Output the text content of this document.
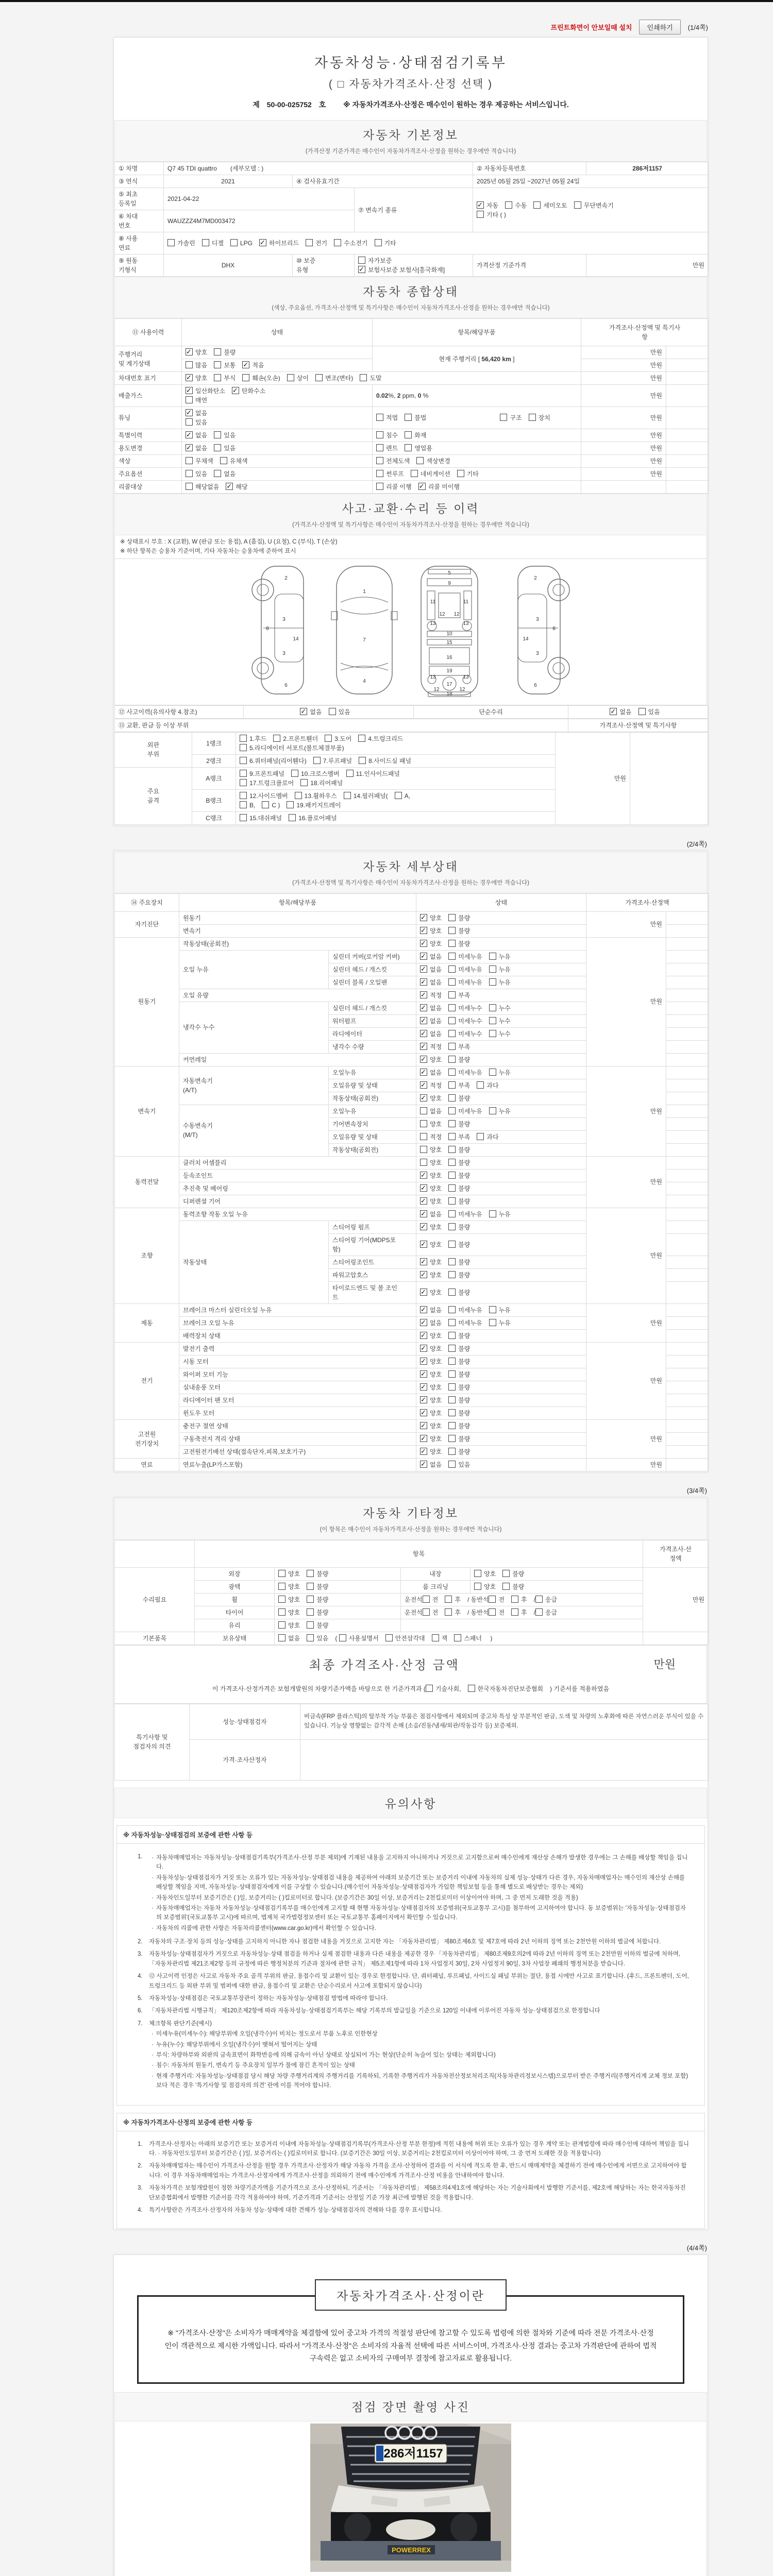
프린트화면이 안보일때 설치	인쇄하기	(1/4쪽)
자동차성능·상태점검기록부
( □ 자동차가격조사·산정 선택 )
제 50-00-025752 호 ※ 자동차가격조사·산정은 매수인이 원하는 경우 제공하는 서비스입니다.
자동차 기본정보
(가격산정 기준가격은 매수인이 자동차가격조사·산정을 원하는 경우에만 적습니다)
① 차명	Q7 45 TDI quattro (세부모델 : )			② 자동차등록번호	286저1157
③ 연식	2021	④ 검사유효기간		2025년 05월 25일 ~2027년 05월 24일	
⑤ 최초
등록일	2021-04-22		⑦ 변속기 종류	✓자동 수동 세미오토 무단변속기
기타 ( )
⑥ 차대
번호	WAUZZZ4M7MD003472				
⑧ 사용
연료	가솔린 디젤 LPG ✓ 하이브리드 전기 수소전기 기타
⑨ 원동
기형식	DHX	⑩ 보증
유형	자가보증✓보험사보증 보험사[흥국화재]	가격산정 기준가격	만원
자동차 종합상태
(색상, 주요옵션, 가격조사·산정액 및 특기사항은 매수인이 자동차가격조사·산정을 원하는 경우에만 적습니다)
⑪ 사용이력	상태	항목/해당부품	가격조사·산정액 및 특기사
항	
주행거리
및 계기상태	✓양호 불량	현재 주행거리 [ 56,420 km ]	만원	
	많음 보통 ✓ 적음		만원	
차대번호 표기	✓양호 부식 훼손(오손) 상이 변조(변타) 도말		만원	
배출가스	✓일산화탄소 ✓ 탄화수소
매연	0.02%, 2 ppm, 0 %	만원	
튜닝	✓없음
있음	적법 불법 구조 장치	만원	
특별이력	✓없음 있음	침수 화재	만원	
용도변경	✓없음 있음	렌트 영업용	만원	
색상	무채색 유채색	전체도색 색상변경	만원	
주요옵션	있음 없음	썬루프 네비게이션 기타	만원	
리콜대상	해당없음 ✓ 해당	리콜 이행 ✓ 리콜 미이행		
사고·교환·수리 등 이력
(가격조사·산정액 및 특기사항은 매수인이 자동차가격조사·산정을 원하는 경우에만 적습니다)
※ 상태표시 부호 : X (교환), W (판금 또는 용접), A (흠집), U (요철), C (부식), T (손상)
※ 하단 항목은 승용차 기준이며, 기타 자동차는 승용차에 준하여 표시
2
3
8
14
3
6
1
7
4
5
9
11	11
12 12
13	13
10
15
16
19
13	13
17
12	12
18
2
3
8
14
3
6
⑫ 사고이력(유의사항 4.참조)	✓없음	있음	단순수리	✓없음	있음
⑬ 교환, 판금 등 이상 부위	가격조사·산정액 및 특기사항
외판
부위	1랭크	1.후드 2.프론트휀더 3.도어 4.트렁크리드
5.라디에이터 서포트(볼트체결부품)	만원	
	2랭크	6.쿼터패널(리어휀다) 7.루프패널 8.사이드실 패널		
주요
골격	A랭크	9.프론트패널 10.크로스멤버 11.인사이드패널
17.트렁크플로어 18.리어패널		
	B랭크	12.사이드멤버 13.휠하우스 14.필러패널( A,
B, C ) 19.패키지트레이		
	C랭크	15.대쉬패널 16.플로어패널		
(2/4쪽)
자동차 세부상태
(가격조사·산정액 및 특기사항은 매수인이 자동차가격조사·산정을 원하는 경우에만 적습니다)
⑭ 주요장치	항목/해당부품		상태	가격조사·산정액	
자기진단	원동기	✓양호 불량	만원	
	변속기	✓양호 불량	
원동기	작동상태(공회전)	✓양호 불량	만원	
	오일 누유	실린더 커버(로커암 커버)	✓없음 미세누유 누유	
		실린더 헤드 / 개스킷	✓없음 미세누유 누유	
		실린더 블록 / 오일팬	✓없음 미세누유 누유	
	오일 유량	✓적정 부족	
	냉각수 누수	실린더 헤드 / 개스킷	✓없음 미세누수 누수	
		워터펌프	✓없음 미세누수 누수	
		라디에이터	✓없음 미세누수 누수	
		냉각수 수량	✓적정 부족	
	커먼레일	✓양호 불량	
변속기	자동변속기
(A/T)	오일누유	✓없음 미세누유 누유	만원	
		오일유량 및 상태	✓적정 부족 과다	
		작동상태(공회전)	✓양호 불량	
	수동변속기
(M/T)	오일누유	없음 미세누유 누유		
		기어변속장치	양호 불량		
		오일유량 및 상태	적정 부족 과다		
		작동상태(공회전)	양호 불량		
동력전달	클러치 어셈블리		양호 불량	만원	
	등속조인트	✓양호 불량	
	추진축 및 베어링	✓양호 불량	
	디퍼렌셜 기어	✓양호 불량	
조향	동력조향 작동 오일 누유	✓없음 미세누유 누유	만원	
	작동상태	스티어링 펌프	✓양호 불량	
		스티어링 기어(MDPS포
함)	✓양호 불량	
		스티어링조인트	✓양호 불량	
		파워고압호스	✓양호 불량	
		타이로드엔드 및 볼 조인
트	✓양호 불량	
제동	브레이크 마스터 실린더오일 누유	✓없음 미세누유 누유	만원	
	브레이크 오일 누유	✓없음 미세누유 누유	
	배력장치 상태	✓양호 불량	
전기	발전기 출력	✓양호 불량	만원	
	시동 모터	✓양호 불량	
	와이퍼 모터 기능	✓양호 불량	
	실내송풍 모터	✓양호 불량	
	라디에이터 팬 모터	✓양호 불량	
	윈도우 모터	✓양호 불량	
고전원
전기장치	충전구 절연 상태	✓양호 불량	만원	
	구동축전지 격리 상태	✓양호 불량	
	고전원전기배선 상태(접속단자,피복,보호기구)	✓양호 불량	
연료	연료누출(LP가스포함)	✓없음 있음	만원	
(3/4쪽)
자동차 기타정보
(이 항목은 매수인이 자동차가격조사·산정을 원하는 경우에만 적습니다)
	항목				가격조사·산
정액
수리필요	외장	양호 불량	내장	양호 불량	만원
	광택	양호 불량	룸 크리닝	양호 불량	
	휠	양호 불량	운전석 전 후 / 동반석 전 후 / 응급		
	타이어	양호 불량	운전석 전 후 / 동반석 전 후 / 응급		
	유리	양호 불량			
기본품목	보유상태	없음 있음 ( 사용설명서 안전삼각대 잭 스패너 )			
최종 가격조사·산정 금액	만원
이 가격조사·산정가격은 보험개발원의 차량기준가액을 바탕으로 한 기준가격과 ( 기술사회,	한국자동차진단보증협회 ) 기준서를 적용하였음
특기사항 및
점검자의 의견	성능·상태점검자	비금속(FRP 플라스틱)의 탈부착 가능 부품은 점검사항에서 제외되며 중고차 특성 상 부분적인 판금, 도색 및 차량의 노후화에 따른 자연스러운 부식이 있을 수 있습니다. 기능상 영향없는 감각적 손해 (소음/진동/냄새/외관/작동감각 등) 보증제외.
	가격·조사산정자	
유의사항
※ 자동차성능·상태점검의 보증에 관한 사항 등
1.	· 자동차매매업자는 자동차성능·상태점검기록부(가격조사·산정 부분 제외)에 기재된 내용을 고지하지 아니하거나 거짓으로 고지함으로써 매수인에게 재산상 손해가 발생한 경우에는 그 손해를 배상할 책임을 집니다.
· 자동차성능·상태점검자가 거짓 또는 오류가 있는 자동차성능·상태점검 내용을 제공하여 아래의 보증기간 또는 보증거리 이내에 자동차의 실제 성능·상태가 다른 경우, 자동차매매업자는 매수인의 재산상 손해를 배상할 책임을 지며, 자동차성능·상태점검자에게 이를 구상할 수 있습니다.(매수인이 자동차성능·상태점검자가 가입한 책임보험 등을 통해 별도로 배상받는 경우는 제외)
· 자동차인도일부터 보증기간은 ( )일, 보증거리는 ( )킬로미터로 합니다. (보증기간은 30일 이상, 보증거리는 2천킬로미터 이상이어야 하며, 그 중 먼저 도래한 것을 적용)
· 자동차매매업자는 자동차 자동차성능·상태점검기록부를 매수인에게 고지할 때 현행 자동차성능·상태점검자의 보증범위(국토교통부 고시)를 첨부하여 고지하여야 합니다. 동 보증범위는 '자동차성능·상태점검자의 보증범위'(국토교통부 고시)에 따르며, 법제처 국가법령정보센터 또는 국토교통부 홈페이지에서 확인할 수 있습니다.
· 자동차의 리콜에 관한 사항은 자동차리콜센터(www.car.go.kr)에서 확인할 수 있습니다.
2.	자동차의 구조·장치 등의 성능·상태를 고지하지 아니한 자나 점검한 내용을 거짓으로 고지한 자는 「자동차관리법」 제80조제6호 및 제7호에 따라 2년 이하의 징역 또는 2천만원 이하의 벌금에 처합니다.
3.	자동차성능·상태점검자가 거짓으로 자동차성능·상태 점검을 하거나 실제 점검한 내용과 다른 내용을 제공한 경우 「자동차관리법」 제80조제9호의2에 따라 2년 이하의 징역 또는 2천만원 이하의 벌금에 처하며, 「자동차관리법 제21조제2항 등의 규정에 따른 행정처분의 기준과 절차에 관한 규칙」 제5조제1항에 따라 1차 사업정지 30일, 2차 사업정지 90일, 3차 사업장 폐쇄의 행정처분을 받습니다.
4.	⑫ 사고이력 인정은 사고로 자동차 주요 골격 부위의 판금, 용접수리 및 교환이 있는 경우로 한정합니다. 단, 쿼터패널, 루프패널, 사이드실 패널 부위는 절단, 용접 시에만 사고로 표기합니다. (후드, 프론트펜더, 도어, 트렁크리드 등 외판 부위 및 범퍼에 대한 판금, 용접수리 및 교환은 단순수리로서 사고에 포함되지 않습니다)
5.	자동차성능·상태점검은 국토교통부장관이 정하는 자동차성능·상태점검 방법에 따라야 합니다.
6.	「자동차관리법 시행규칙」 제120조제2항에 따라 자동차성능·상태점검기록부는 해당 기록부의 발급일을 기준으로 120일 이내에 이루어진 자동차 성능·상태점검으로 한정합니다
7.	체크항목 판단기준(예시)
· 미세누유(미세누수): 해당부위에 오일(냉각수)이 비치는 정도로서 부품 노후로 인한현상
· 누유(누수): 해당부위에서 오일(냉각수)이 맺혀서 떨어지는 상태
· 부식: 차량하부와 외판의 금속표면이 화학반응에 의해 금속이 아닌 상태로 상실되어 가는 현상(단순히 녹슬어 있는 상태는 제외합니다)
· 침수: 자동차의 원동기, 변속기 등 주요장치 일부가 물에 잠긴 흔적이 있는 상태
· 현재 주행거리: 자동차성능·상태점검 당시 해당 차량 주행거리계의 주행거리를 기록하되, 기록한 주행거리가 자동차전산정보처리조직(자동차관리정보시스템)으로부터 받은 주행거리(주행거리계 교체 정보 포함)보다 적은 경우 '특기사항 및 점검자의 의견' 란에 이를 적어야 합니다.
※ 자동차가격조사·산정의 보증에 관한 사항 등
1.	가격조사·산정자는 아래의 보증기간 또는 보증거리 이내에 자동차성능·상태점검기록부(가격조사·산정 부분 한정)에 적힌 내용에 허위 또는 오류가 있는 경우 계약 또는 관계법령에 따라 매수인에 대하여 책임을 집니다. · 자동차인도일부터 보증기간은 ( )일, 보증거리는 ( )킬로미터로 합니다. (보증기간은 30일 이상, 보증거리는 2천킬로미터 이상이어야 하며, 그 중 먼저 도래한 것을 적용합니다)
2.	자동차매매업자는 매수인이 가격조사·산정을 원할 경우 가격조사·산정자가 해당 자동차 가격을 조사·산정하여 결과를 이 서식에 적도록 한 후, 반드시 매매계약을 체결하기 전에 매수인에게 서면으로 고지하여야 합니다. 이 경우 자동차매매업자는 가격조사·산정자에게 가격조사·산정을 의뢰하기 전에 매수인에게 가격조사·산정 비용을 안내하여야 합니다.
3.	자동차가격은 보험개발원이 정한 차량기준가액을 기준가격으로 조사·산정하되, 기준서는 「자동차관리법」 제58조의4제1호에 해당하는 자는 기술사회에서 발행한 기준서를, 제2호에 해당하는 자는 한국자동차진단보증협회에서 발행한 기준서를 각각 적용하여야 하며, 기준가격과 기준서는 산정일 기준 가장 최근에 발행된 것을 적용합니다.
4.	특기사항란은 가격조사·산정자의 자동차 성능·상태에 대한 견해가 성능·상태점검자의 견해와 다를 경우 표시합니다.
(4/4쪽)
자동차가격조사·산정이란
※ "가격조사·산정"은 소비자가 매매계약을 체결함에 있어 중고차 가격의 적절성 판단에 참고할 수 있도록 법령에 의한 절차와 기준에 따라 전문 가격조사·산정인이 객관적으로 제시한 가액입니다. 따라서 "가격조사·산정"은 소비자의 자율적 선택에 따른 서비스이며, 가격조사·산정 결과는 중고차 가격판단에 관하여 법적 구속력은 없고 소비자의 구매여부 결정에 참고자료로 활용됩니다.
점검 장면 촬영 사진
286저1157
POWERREX
